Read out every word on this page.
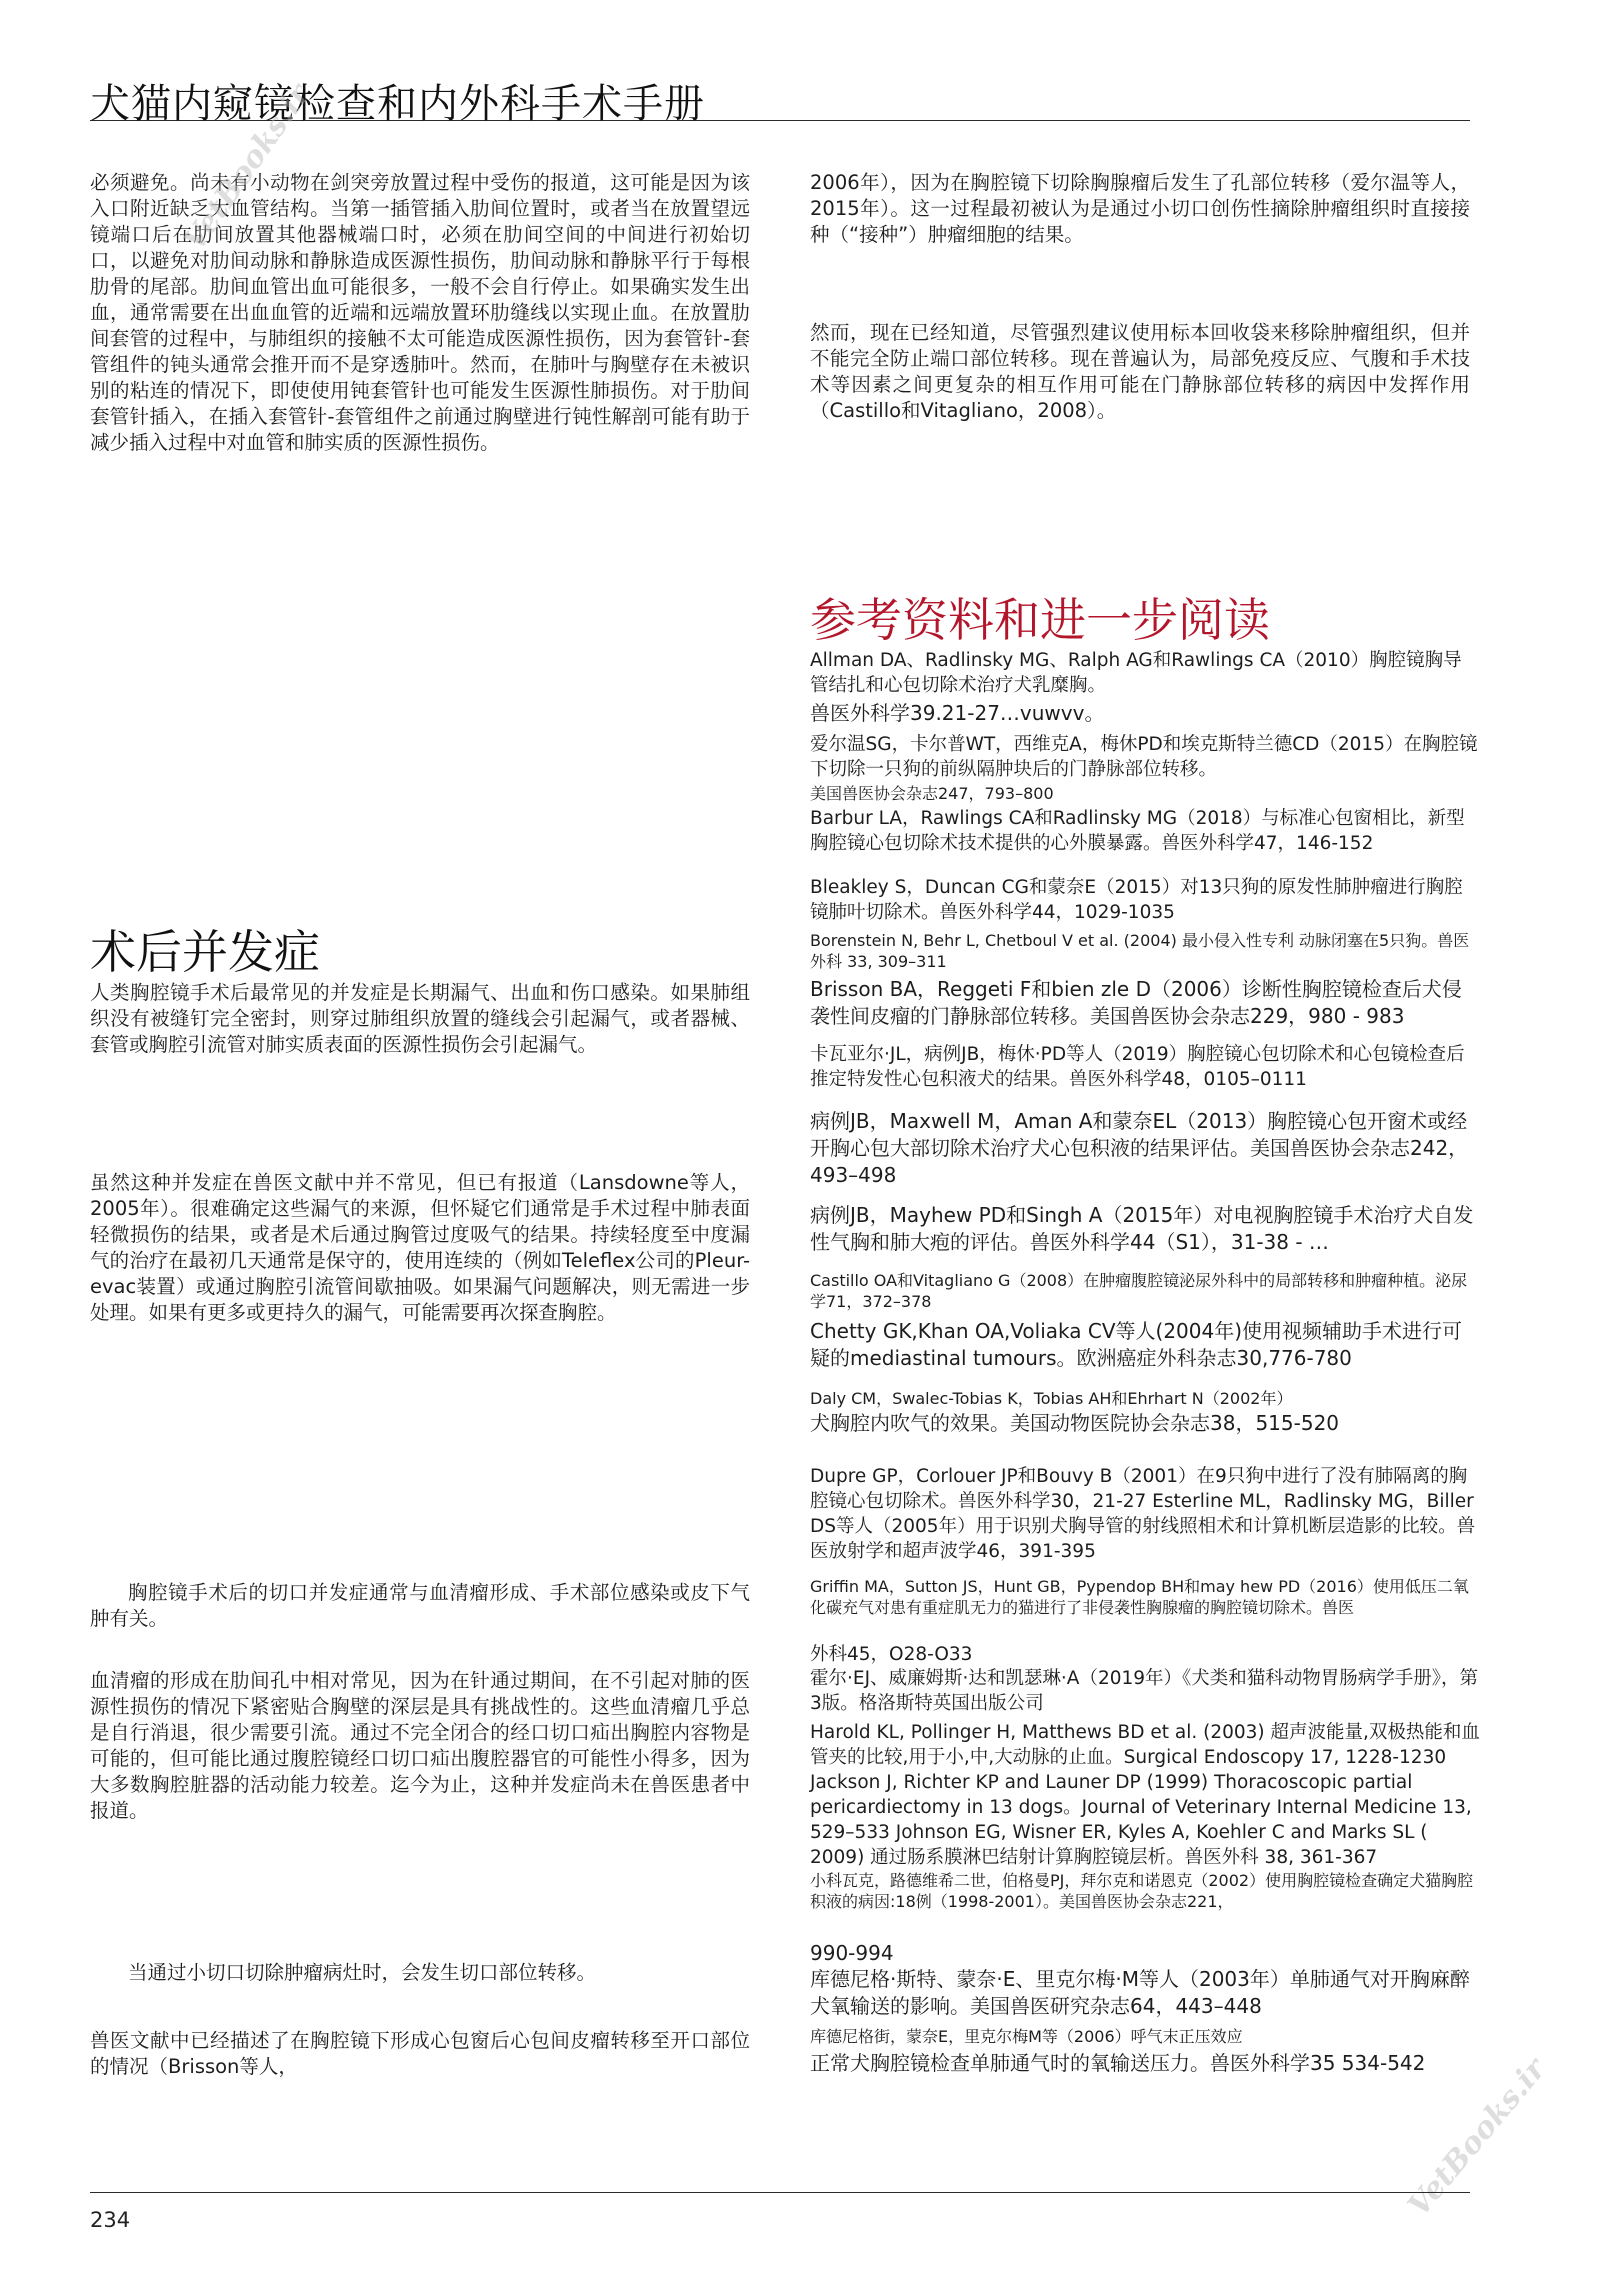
犬猫内窥镜检查和内外科手术手册
必须避免。尚未有小动物在剑突旁放置过程中受伤的报道，这可能是因为该入口附近缺乏大血管结构。当第一插管插入肋间位置时，或者当在放置望远镜端口后在肋间放置其他器械端口时，必须在肋间空间的中间进行初始切口，以避免对肋间动脉和静脉造成医源性损伤，肋间动脉和静脉平行于每根肋骨的尾部。肋间血管出血可能很多，一般不会自行停止。如果确实发生出血，通常需要在出血血管的近端和远端放置环肋缝线以实现止血。在放置肋间套管的过程中，与肺组织的接触不太可能造成医源性损伤，因为套管针-套管组件的钝头通常会推开而不是穿透肺叶。然而，在肺叶与胸壁存在未被识别的粘连的情况下，即使使用钝套管针也可能发生医源性肺损伤。对于肋间套管针插入，在插入套管针-套管组件之前通过胸壁进行钝性解剖可能有助于减少插入过程中对血管和肺实质的医源性损伤。
术后并发症
人类胸腔镜手术后最常见的并发症是长期漏气、出血和伤口感染。如果肺组织没有被缝钉完全密封，则穿过肺组织放置的缝线会引起漏气，或者器械、套管或胸腔引流管对肺实质表面的医源性损伤会引起漏气。
虽然这种并发症在兽医文献中并不常见，但已有报道（Lansdowne等人，2005年）。很难确定这些漏气的来源，但怀疑它们通常是手术过程中肺表面轻微损伤的结果，或者是术后通过胸管过度吸气的结果。持续轻度至中度漏气的治疗在最初几天通常是保守的，使用连续的（例如Teleflex公司的Pleur-evac装置）或通过胸腔引流管间歇抽吸。如果漏气问题解决，则无需进一步处理。如果有更多或更持久的漏气，可能需要再次探查胸腔。
胸腔镜手术后的切口并发症通常与血清瘤形成、手术部位感染或皮下气肿有关。
血清瘤的形成在肋间孔中相对常见，因为在针通过期间，在不引起对肺的医源性损伤的情况下紧密贴合胸壁的深层是具有挑战性的。这些血清瘤几乎总是自行消退，很少需要引流。通过不完全闭合的经口切口疝出胸腔内容物是可能的，但可能比通过腹腔镜经口切口疝出腹腔器官的可能性小得多，因为大多数胸腔脏器的活动能力较差。迄今为止，这种并发症尚未在兽医患者中报道。
当通过小切口切除肿瘤病灶时，会发生切口部位转移。
兽医文献中已经描述了在胸腔镜下形成心包窗后心包间皮瘤转移至开口部位的情况（Brisson等人，
2006年），因为在胸腔镜下切除胸腺瘤后发生了孔部位转移（爱尔温等人，2015年）。这一过程最初被认为是通过小切口创伤性摘除肿瘤组织时直接接种（“接种”）肿瘤细胞的结果。
然而，现在已经知道，尽管强烈建议使用标本回收袋来移除肿瘤组织，但并不能完全防止端口部位转移。现在普遍认为，局部免疫反应、气腹和手术技术等因素之间更复杂的相互作用可能在门静脉部位转移的病因中发挥作用（Castillo和Vitagliano，2008）。
参考资料和进一步阅读
Allman DA、Radlinsky MG、Ralph AG和Rawlings CA（2010）胸腔镜胸导管结扎和心包切除术治疗犬乳糜胸。
兽医外科学39.21-27…vuwvv。
爱尔温SG，卡尔普WT，西维克A，梅休PD和埃克斯特兰德CD（2015）在胸腔镜下切除一只狗的前纵隔肿块后的门静脉部位转移。
美国兽医协会杂志247，793–800
Barbur LA，Rawlings CA和Radlinsky MG（2018）与标准心包窗相比，新型胸腔镜心包切除术技术提供的心外膜暴露。兽医外科学47，146-152
Bleakley S，Duncan CG和蒙奈E（2015）对13只狗的原发性肺肿瘤进行胸腔镜肺叶切除术。兽医外科学44，1029-1035
Borenstein N, Behr L, Chetboul V et al. (2004) 最小侵入性专利 动脉闭塞在5只狗。兽医外科 33, 309–311
Brisson BA，Reggeti F和bien zle D（2006）诊断性胸腔镜检查后犬侵袭性间皮瘤的门静脉部位转移。美国兽医协会杂志229，980 - 983
卡瓦亚尔·JL，病例JB，梅休·PD等人（2019）胸腔镜心包切除术和心包镜检查后推定特发性心包积液犬的结果。兽医外科学48，0105–0111
病例JB，Maxwell M，Aman A和蒙奈EL（2013）胸腔镜心包开窗术或经开胸心包大部切除术治疗犬心包积液的结果评估。美国兽医协会杂志242，493–498
病例JB，Mayhew PD和Singh A（2015年）对电视胸腔镜手术治疗犬自发性气胸和肺大疱的评估。兽医外科学44（S1），31-38 - …
Castillo OA和Vitagliano G（2008）在肿瘤腹腔镜泌尿外科中的局部转移和肿瘤种植。泌尿学71，372–378
Chetty GK,Khan OA,Voliaka CV等人(2004年)使用视频辅助手术进行可疑的mediastinal tumours。欧洲癌症外科杂志30,776-780
Daly CM，Swalec-Tobias K，Tobias AH和Ehrhart N（2002年）
犬胸腔内吹气的效果。美国动物医院协会杂志38，515-520
Dupre GP，Corlouer JP和Bouvy B（2001）在9只狗中进行了没有肺隔离的胸腔镜心包切除术。兽医外科学30，21-27 Esterline ML，Radlinsky MG，Biller DS等人（2005年）用于识别犬胸导管的射线照相术和计算机断层造影的比较。兽医放射学和超声波学46，391-395
Griffin MA，Sutton JS，Hunt GB，Pypendop BH和may hew PD（2016）使用低压二氧化碳充气对患有重症肌无力的猫进行了非侵袭性胸腺瘤的胸腔镜切除术。兽医
外科45，O28-O33
霍尔·EJ、威廉姆斯·达和凯瑟琳·A（2019年）《犬类和猫科动物胃肠病学手册》，第3版。格洛斯特英国出版公司
Harold KL, Pollinger H, Matthews BD et al. (2003) 超声波能量,双极热能和血管夹的比较,用于小,中,大动脉的止血。Surgical Endoscopy 17, 1228-1230 Jackson J, Richter KP and Launer DP (1999) Thoracoscopic partial pericardiectomy in 13 dogs。Journal of Veterinary Internal Medicine 13, 529–533 Johnson EG, Wisner ER, Kyles A, Koehler C and Marks SL ( 2009) 通过肠系膜淋巴结射计算胸腔镜层析。兽医外科 38, 361-367
小科瓦克，路德维希二世，伯格曼PJ，拜尔克和诺恩克（2002）使用胸腔镜检查确定犬猫胸腔积液的病因:18例（1998-2001）。美国兽医协会杂志221，
990-994
库德尼格·斯特、蒙奈·E、里克尔梅·M等人（2003年）单肺通气对开胸麻醉犬氧输送的影响。美国兽医研究杂志64，443–448
库德尼格街，蒙奈E，里克尔梅M等（2006）呼气末正压效应
正常犬胸腔镜检查单肺通气时的氧输送压力。兽医外科学35 534-542
VetBooks.ir
VetBooks.ir
234
